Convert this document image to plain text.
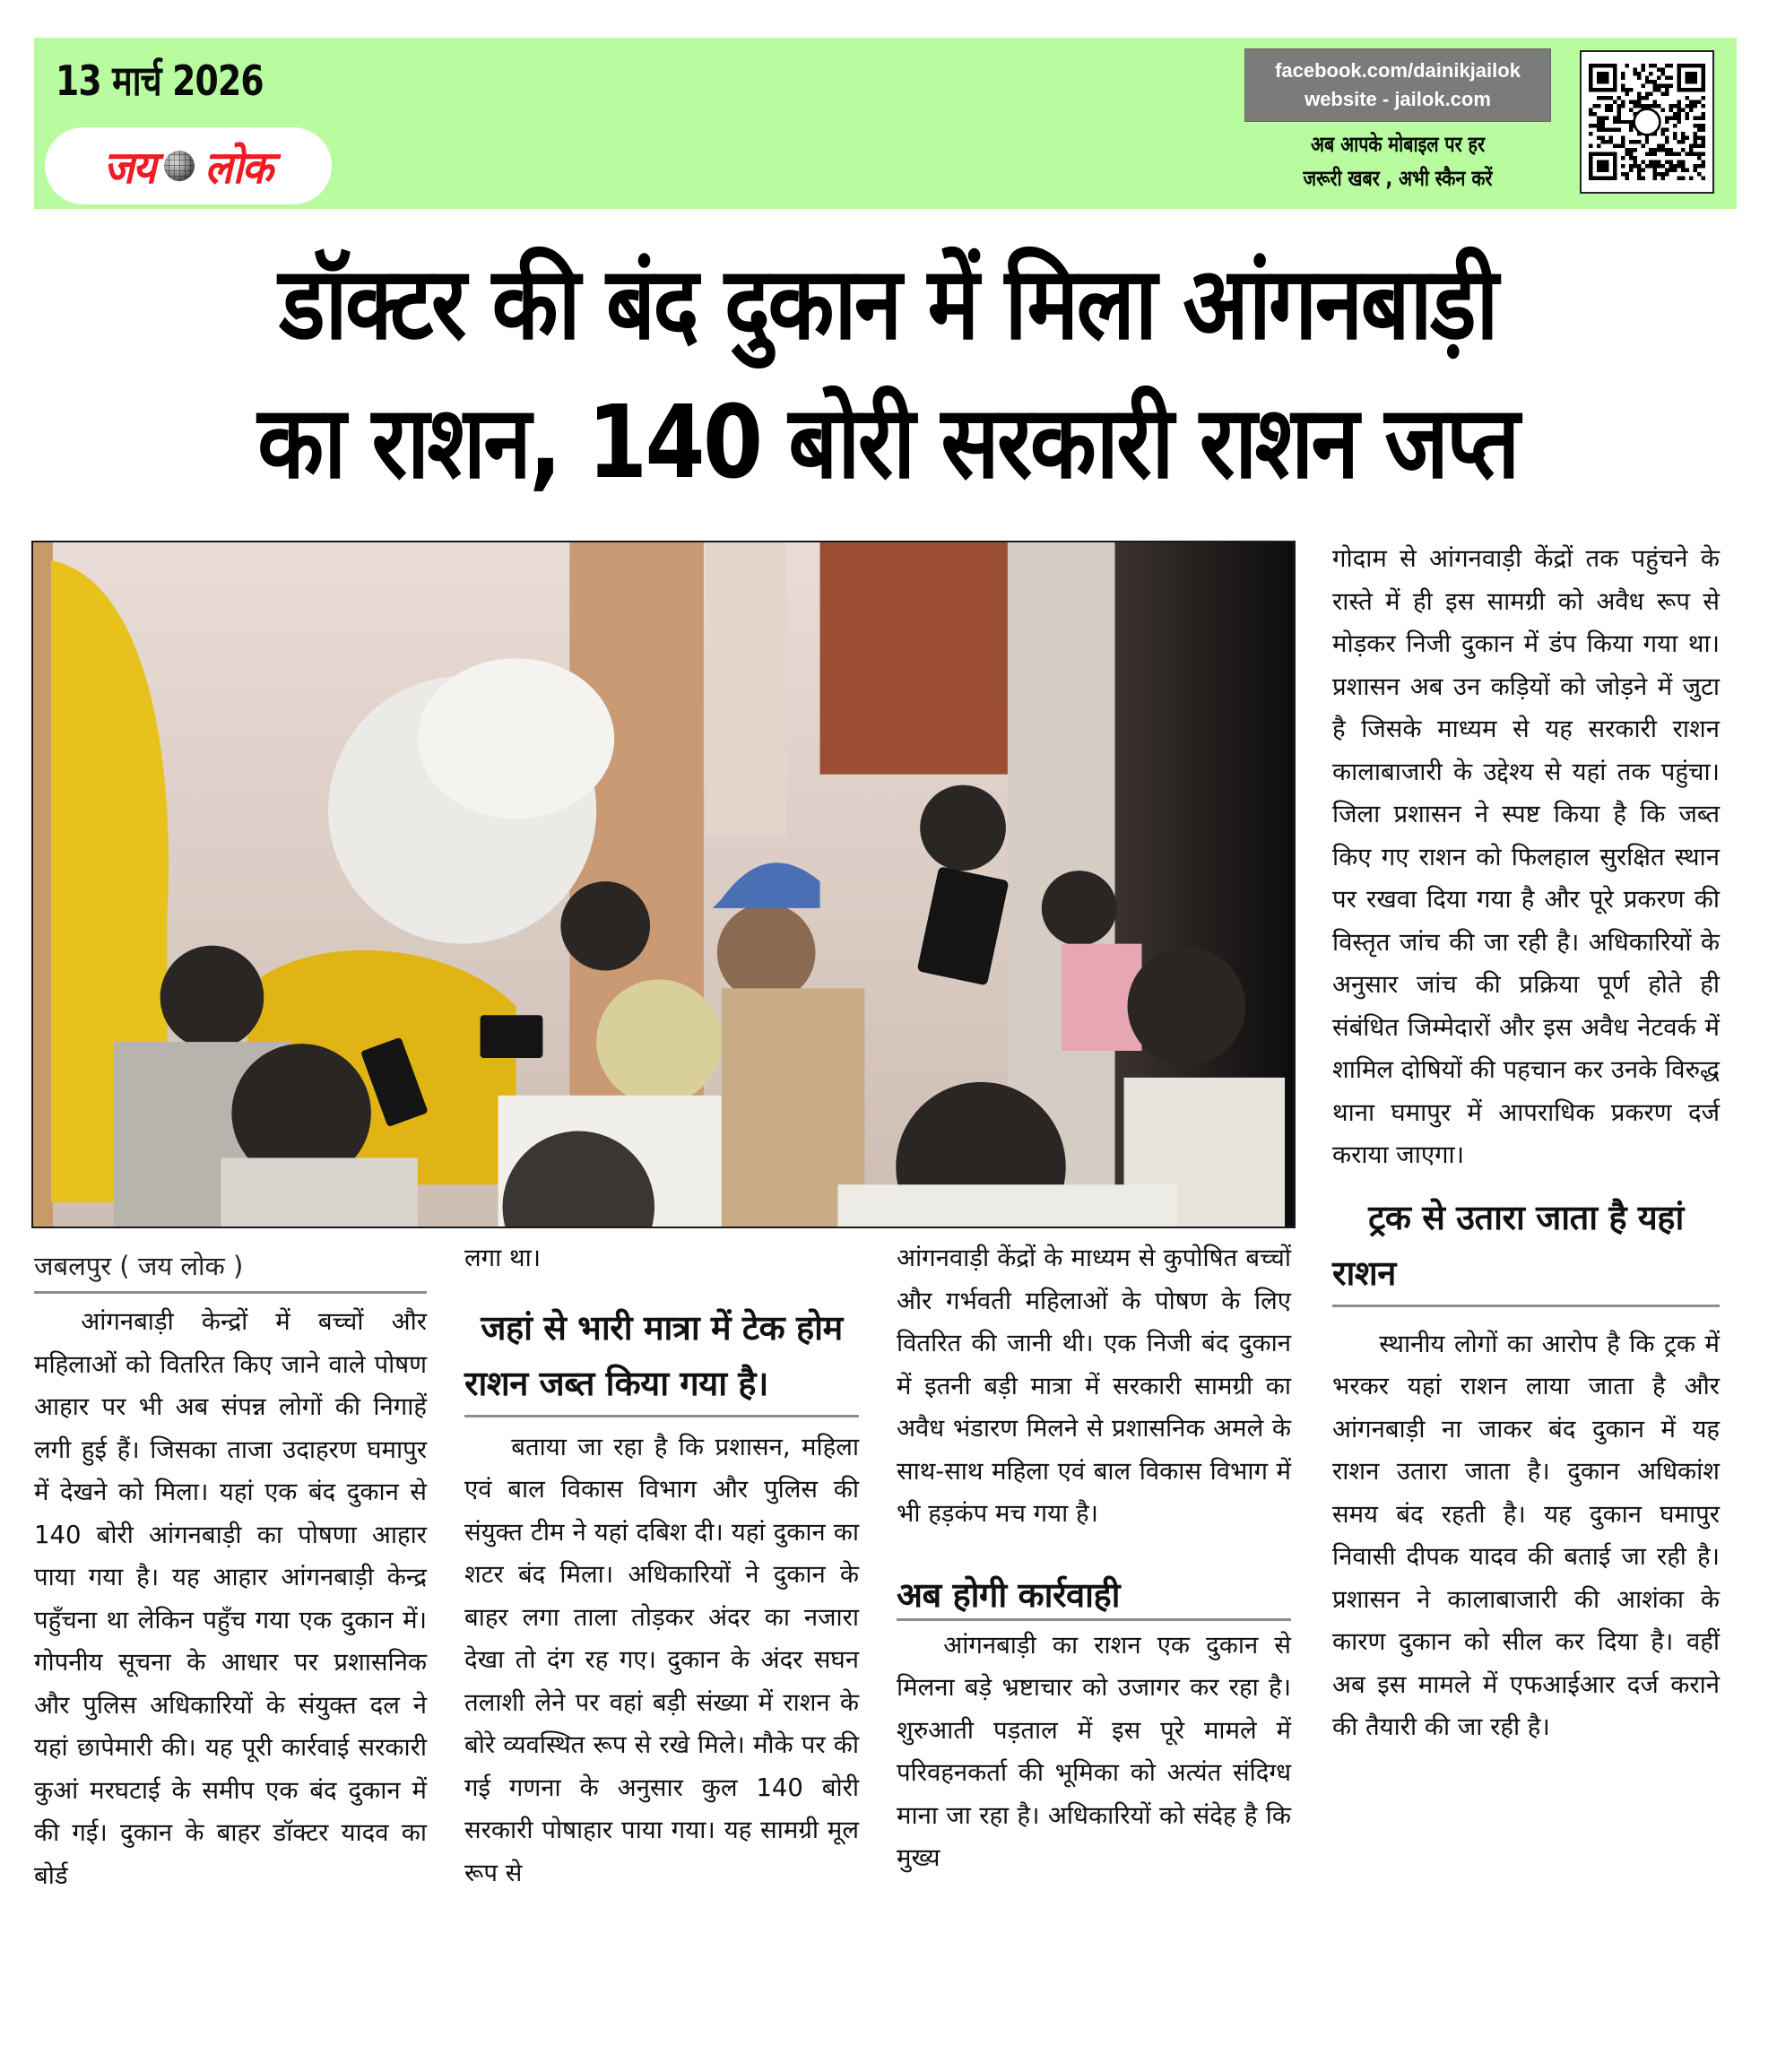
13 मार्च 2026
जय लोक
facebook.com/dainikjailok
website - jailok.com
अब आपके मोबाइल पर हर
जरूरी खबर , अभी स्कैन करें
डॉक्टर की बंद दुकान में मिला आंगनबाड़ी
का राशन, 140 बोरी सरकारी राशन जप्त
जबलपुर ( जय लोक )

आंगनबाड़ी केन्द्रों में बच्चों और महिलाओं को वितरित किए जाने वाले पोषण आहार पर भी अब संपन्न लोगों की निगाहें लगी हुई हैं। जिसका ताजा उदाहरण घमापुर में देखने को मिला। यहां एक बंद दुकान से 140 बोरी आंगनबाड़ी का पोषणा आहार पाया गया है। यह आहार आंगनबाड़ी केन्द्र पहुँचना था लेकिन पहुँच गया एक दुकान में। गोपनीय सूचना के आधार पर प्रशासनिक और पुलिस अधिकारियों के संयुक्त दल ने यहां छापेमारी की। यह पूरी कार्रवाई सरकारी कुआं मरघटाई के समीप एक बंद दुकान में की गई। दुकान के बाहर डॉक्टर यादव का बोर्ड

लगा था।

जहां से भारी मात्रा में टेक होम राशन जब्त किया गया है।

बताया जा रहा है कि प्रशासन, महिला एवं बाल विकास विभाग और पुलिस की संयुक्त टीम ने यहां दबिश दी। यहां दुकान का शटर बंद मिला। अधिकारियों ने दुकान के बाहर लगा ताला तोड़कर अंदर का नजारा देखा तो दंग रह गए। दुकान के अंदर सघन तलाशी लेने पर वहां बड़ी संख्या में राशन के बोरे व्यवस्थित रूप से रखे मिले। मौके पर की गई गणना के अनुसार कुल 140 बोरी सरकारी पोषाहार पाया गया। यह सामग्री मूल रूप से

आंगनवाड़ी केंद्रों के माध्यम से कुपोषित बच्चों और गर्भवती महिलाओं के पोषण के लिए वितरित की जानी थी। एक निजी बंद दुकान में इतनी बड़ी मात्रा में सरकारी सामग्री का अवैध भंडारण मिलने से प्रशासनिक अमले के साथ-साथ महिला एवं बाल विकास विभाग में भी हड़कंप मच गया है।

अब होगी कार्रवाही

आंगनबाड़ी का राशन एक दुकान से मिलना बड़े भ्रष्टाचार को उजागर कर रहा है। शुरुआती पड़ताल में इस पूरे मामले में परिवहनकर्ता की भूमिका को अत्यंत संदिग्ध माना जा रहा है। अधिकारियों को संदेह है कि मुख्य

गोदाम से आंगनवाड़ी केंद्रों तक पहुंचने के रास्ते में ही इस सामग्री को अवैध रूप से मोड़कर निजी दुकान में डंप किया गया था। प्रशासन अब उन कड़ियों को जोड़ने में जुटा है जिसके माध्यम से यह सरकारी राशन कालाबाजारी के उद्देश्य से यहां तक पहुंचा। जिला प्रशासन ने स्पष्ट किया है कि जब्त किए गए राशन को फिलहाल सुरक्षित स्थान पर रखवा दिया गया है और पूरे प्रकरण की विस्तृत जांच की जा रही है। अधिकारियों के अनुसार जांच की प्रक्रिया पूर्ण होते ही संबंधित जिम्मेदारों और इस अवैध नेटवर्क में शामिल दोषियों की पहचान कर उनके विरुद्ध थाना घमापुर में आपराधिक प्रकरण दर्ज कराया जाएगा।

ट्रक से उतारा जाता है यहां राशन

स्थानीय लोगों का आरोप है कि ट्रक में भरकर यहां राशन लाया जाता है और आंगनबाड़ी ना जाकर बंद दुकान में यह राशन उतारा जाता है। दुकान अधिकांश समय बंद रहती है। यह दुकान घमापुर निवासी दीपक यादव की बताई जा रही है। प्रशासन ने कालाबाजारी की आशंका के कारण दुकान को सील कर दिया है। वहीं अब इस मामले में एफआईआर दर्ज कराने की तैयारी की जा रही है।
